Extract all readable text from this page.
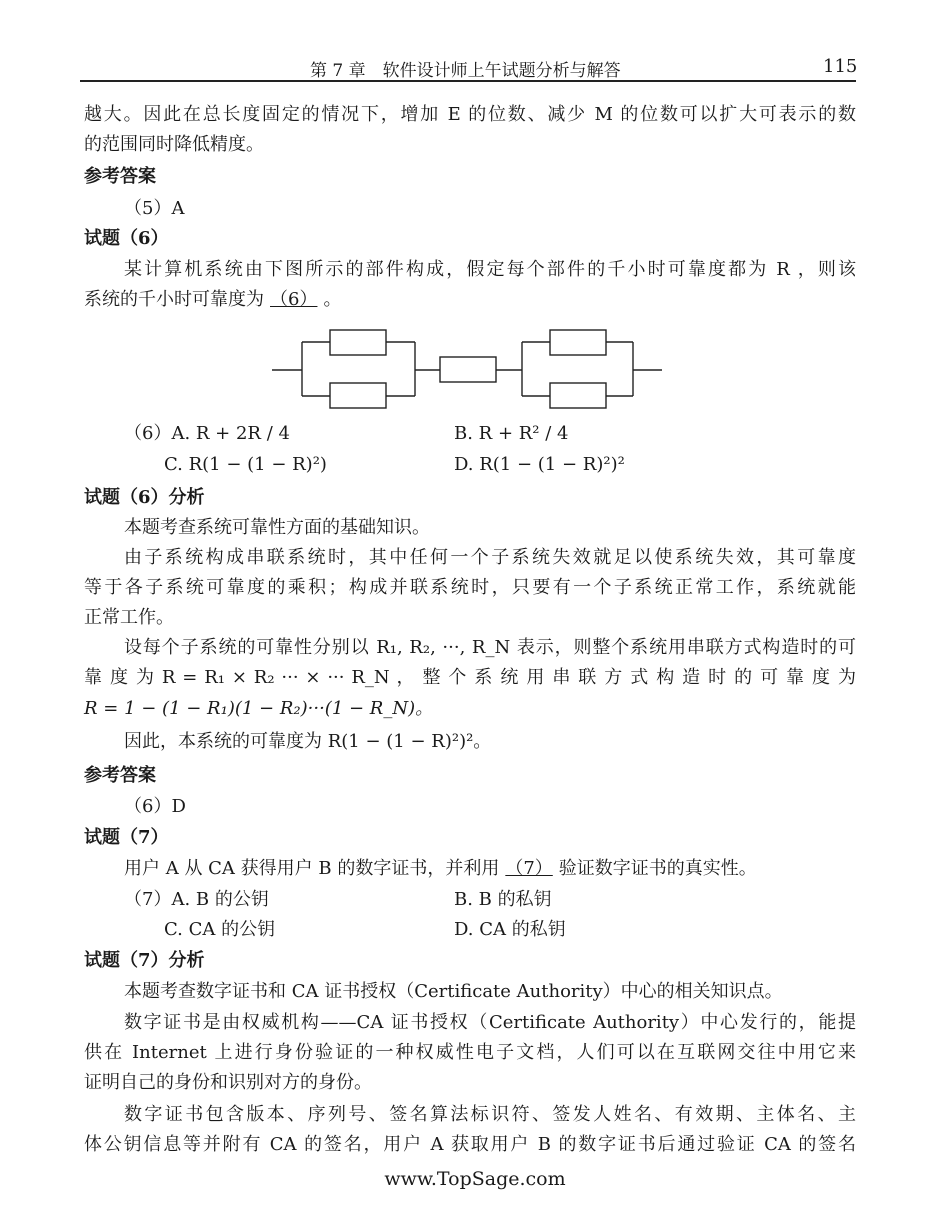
第 7 章　软件设计师上午试题分析与解答	115
越大。因此在总长度固定的情况下，增加 E 的位数、减少 M 的位数可以扩大可表示的数
的范围同时降低精度。
参考答案
（5）A
试题（6）
某计算机系统由下图所示的部件构成，假定每个部件的千小时可靠度都为 R ，则该
系统的千小时可靠度为 （6） 。
（6）A. R + 2R / 4	B. R + R² / 4
C. R(1 − (1 − R)²)	D. R(1 − (1 − R)²)²
试题（6）分析
本题考查系统可靠性方面的基础知识。
由子系统构成串联系统时，其中任何一个子系统失效就足以使系统失效，其可靠度
等于各子系统可靠度的乘积；构成并联系统时，只要有一个子系统正常工作，系统就能
正常工作。
设每个子系统的可靠性分别以 R₁, R₂, ···, R_N 表示，则整个系统用串联方式构造时的可
靠 度 为 R = R₁ × R₂ ··· × ··· R_N ， 整 个 系 统 用 串 联 方 式 构 造 时 的 可 靠 度 为
R = 1 − (1 − R₁)(1 − R₂)···(1 − R_N)。
因此，本系统的可靠度为 R(1 − (1 − R)²)²。
参考答案
（6）D
试题（7）
用户 A 从 CA 获得用户 B 的数字证书，并利用 （7） 验证数字证书的真实性。
（7）A. B 的公钥	B. B 的私钥
C. CA 的公钥	D. CA 的私钥
试题（7）分析
本题考查数字证书和 CA 证书授权（Certificate Authority）中心的相关知识点。
数字证书是由权威机构——CA 证书授权（Certificate Authority）中心发行的，能提
供在 Internet 上进行身份验证的一种权威性电子文档，人们可以在互联网交往中用它来
证明自己的身份和识别对方的身份。
数字证书包含版本、序列号、签名算法标识符、签发人姓名、有效期、主体名、主
体公钥信息等并附有 CA 的签名，用户 A 获取用户 B 的数字证书后通过验证 CA 的签名
www.TopSage.com
